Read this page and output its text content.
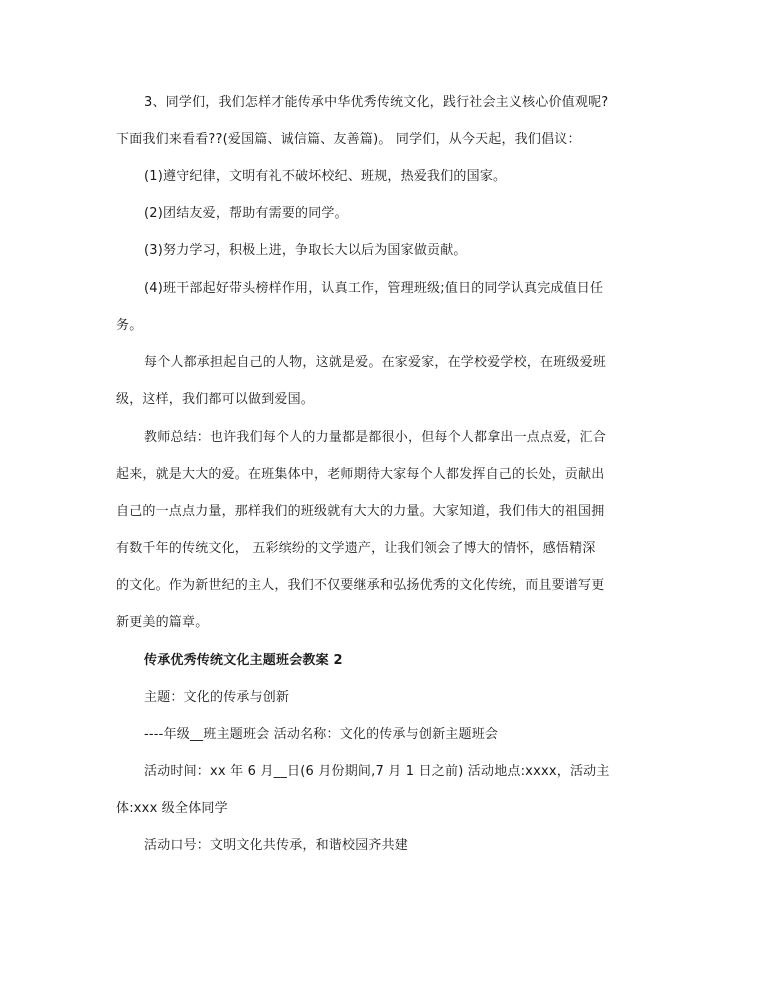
3、同学们，我们怎样才能传承中华优秀传统文化，践行社会主义核心价值观呢?
下面我们来看看??(爱国篇、诚信篇、友善篇)。 同学们，从今天起，我们倡议：
(1)遵守纪律，文明有礼不破坏校纪、班规，热爱我们的国家。
(2)团结友爱，帮助有需要的同学。
(3)努力学习，积极上进，争取长大以后为国家做贡献。
(4)班干部起好带头榜样作用，认真工作，管理班级;值日的同学认真完成值日任
务。
每个人都承担起自己的人物，这就是爱。在家爱家，在学校爱学校，在班级爱班
级，这样，我们都可以做到爱国。
教师总结：也许我们每个人的力量都是都很小，但每个人都拿出一点点爱，汇合
起来，就是大大的爱。在班集体中，老师期待大家每个人都发挥自己的长处，贡献出
自己的一点点力量，那样我们的班级就有大大的力量。大家知道，我们伟大的祖国拥
有数千年的传统文化， 五彩缤纷的文学遗产，让我们领会了博大的情怀，感悟精深
的文化。作为新世纪的主人，我们不仅要继承和弘扬优秀的文化传统，而且要谱写更
新更美的篇章。
传承优秀传统文化主题班会教案 2
主题：文化的传承与创新
----年级__班主题班会 活动名称：文化的传承与创新主题班会
活动时间：xx 年 6 月__日(6 月份期间,7 月 1 日之前) 活动地点:xxxx，活动主
体:xxx 级全体同学
活动口号：文明文化共传承，和谐校园齐共建
